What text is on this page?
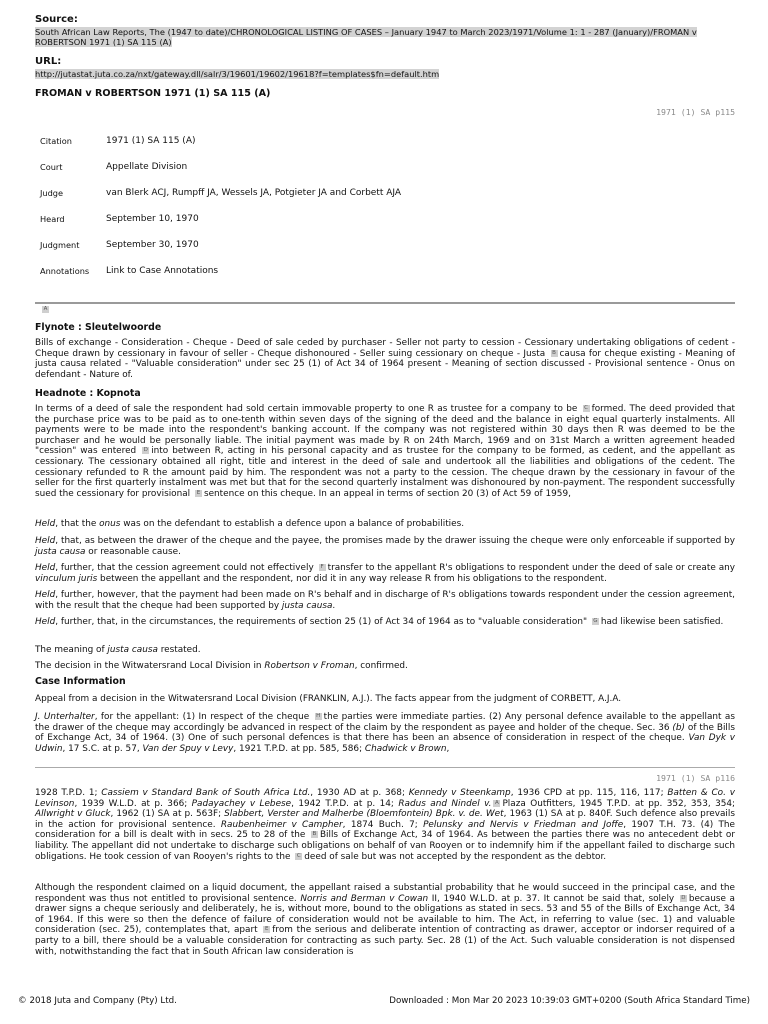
Source:
South African Law Reports, The (1947 to date)/CHRONOLOGICAL LISTING OF CASES – January 1947 to March 2023/1971/Volume 1: 1 - 287 (January)/FROMAN v ROBERTSON 1971 (1) SA 115 (A)
URL:
http://jutastat.juta.co.za/nxt/gateway.dll/salr/3/19601/19602/19618?f=templates$fn=default.htm
FROMAN v ROBERTSON 1971 (1) SA 115 (A)
1971 (1) SA p115
Citation	1971 (1) SA 115 (A)
Court	Appellate Division
Judge	van Blerk ACJ, Rumpff JA, Wessels JA, Potgieter JA and Corbett AJA
Heard	September 10, 1970
Judgment	September 30, 1970
Annotations	Link to Case Annotations
A
Flynote : Sleutelwoorde
Bills of exchange - Consideration - Cheque - Deed of sale ceded by purchaser - Seller not party to cession - Cessionary undertaking obligations of cedent - Cheque drawn by cessionary in favour of seller - Cheque dishonoured - Seller suing cessionary on cheque - Justa B causa for cheque existing - Meaning of justa causa related - "Valuable consideration" under sec 25 (1) of Act 34 of 1964 present - Meaning of section discussed - Provisional sentence - Onus on defendant - Nature of.
Headnote : Kopnota
In terms of a deed of sale the respondent had sold certain immovable property to one R as trustee for a company to be C formed. The deed provided that the purchase price was to be paid as to one-tenth within seven days of the signing of the deed and the balance in eight equal quarterly instalments. All payments were to be made into the respondent's banking account. If the company was not registered within 30 days then R was deemed to be the purchaser and he would be personally liable. The initial payment was made by R on 24th March, 1969 and on 31st March a written agreement headed "cession" was entered D into between R, acting in his personal capacity and as trustee for the company to be formed, as cedent, and the appellant as cessionary. The cessionary obtained all right, title and interest in the deed of sale and undertook all the liabilities and obligations of the cedent. The cessionary refunded to R the amount paid by him. The respondent was not a party to the cession. The cheque drawn by the cessionary in favour of the seller for the first quarterly instalment was met but that for the second quarterly instalment was dishonoured by non-payment. The respondent successfully sued the cessionary for provisional E sentence on this cheque. In an appeal in terms of section 20 (3) of Act 59 of 1959,
Held, that the onus was on the defendant to establish a defence upon a balance of probabilities.
Held, that, as between the drawer of the cheque and the payee, the promises made by the drawer issuing the cheque were only enforceable if supported by justa causa or reasonable cause.
Held, further, that the cession agreement could not effectively F transfer to the appellant R's obligations to respondent under the deed of sale or create any vinculum juris between the appellant and the respondent, nor did it in any way release R from his obligations to the respondent.
Held, further, however, that the payment had been made on R's behalf and in discharge of R's obligations towards respondent under the cession agreement, with the result that the cheque had been supported by justa causa.
Held, further, that, in the circumstances, the requirements of section 25 (1) of Act 34 of 1964 as to "valuable consideration" G had likewise been satisfied.
The meaning of justa causa restated.
The decision in the Witwatersrand Local Division in Robertson v Froman, confirmed.
Case Information
Appeal from a decision in the Witwatersrand Local Division (FRANKLIN, A.J.). The facts appear from the judgment of CORBETT, A.J.A.
J. Unterhalter, for the appellant: (1) In respect of the cheque H the parties were immediate parties. (2) Any personal defence available to the appellant as the drawer of the cheque may accordingly be advanced in respect of the claim by the respondent as payee and holder of the cheque. Sec. 36 (b) of the Bills of Exchange Act, 34 of 1964. (3) One of such personal defences is that there has been an absence of consideration in respect of the cheque. Van Dyk v Udwin, 17 S.C. at p. 57, Van der Spuy v Levy, 1921 T.P.D. at pp. 585, 586; Chadwick v Brown,
1971 (1) SA p116
1928 T.P.D. 1; Cassiem v Standard Bank of South Africa Ltd., 1930 AD at p. 368; Kennedy v Steenkamp, 1936 CPD at pp. 115, 116, 117; Batten & Co. v Levinson, 1939 W.L.D. at p. 366; Padayachey v Lebese, 1942 T.P.D. at p. 14; Radus and Nindel v. A Plaza Outfitters, 1945 T.P.D. at pp. 352, 353, 354; Allwright v Gluck, 1962 (1) SA at p. 563F; Slabbert, Verster and Malherbe (Bloemfontein) Bpk. v. de. Wet, 1963 (1) SA at p. 840F. Such defence also prevails in the action for provisional sentence. Raubenheimer v Campher, 1874 Buch. 7; Pelunsky and Nervis v Friedman and Joffe, 1907 T.H. 73. (4) The consideration for a bill is dealt with in secs. 25 to 28 of the B Bills of Exchange Act, 34 of 1964. As between the parties there was no antecedent debt or liability. The appellant did not undertake to discharge such obligations on behalf of van Rooyen or to indemnify him if the appellant failed to discharge such obligations. He took cession of van Rooyen's rights to the C deed of sale but was not accepted by the respondent as the debtor.
Although the respondent claimed on a liquid document, the appellant raised a substantial probability that he would succeed in the principal case, and the respondent was thus not entitled to provisional sentence. Norris and Berman v Cowan II, 1940 W.L.D. at p. 37. It cannot be said that, solely D because a drawer signs a cheque seriously and deliberately, he is, without more, bound to the obligations as stated in secs. 53 and 55 of the Bills of Exchange Act, 34 of 1964. If this were so then the defence of failure of consideration would not be available to him. The Act, in referring to value (sec. 1) and valuable consideration (sec. 25), contemplates that, apart E from the serious and deliberate intention of contracting as drawer, acceptor or indorser required of a party to a bill, there should be a valuable consideration for contracting as such party. Sec. 28 (1) of the Act. Such valuable consideration is not dispensed with, notwithstanding the fact that in South African law consideration is
© 2018 Juta and Company (Pty) Ltd.	Downloaded : Mon Mar 20 2023 10:39:03 GMT+0200 (South Africa Standard Time)
